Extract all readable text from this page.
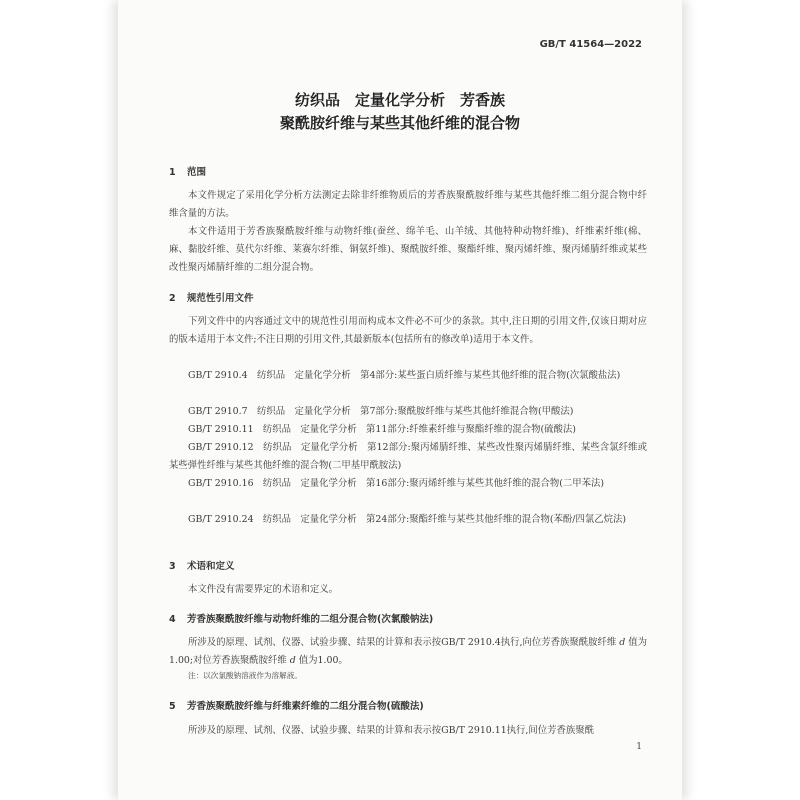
GB/T 41564—2022
纺织品　定量化学分析　芳香族
聚酰胺纤维与某些其他纤维的混合物
1 范围

本文件规定了采用化学分析方法测定去除非纤维物质后的芳香族聚酰胺纤维与某些其他纤维二组分混合物中纤维含量的方法。

本文件适用于芳香族聚酰胺纤维与动物纤维(蚕丝、绵羊毛、山羊绒、其他特种动物纤维)、纤维素纤维(棉、麻、黏胶纤维、莫代尔纤维、莱赛尔纤维、铜氨纤维)、聚酰胺纤维、聚酯纤维、聚丙烯纤维、聚丙烯腈纤维或某些改性聚丙烯腈纤维的二组分混合物。

2 规范性引用文件

下列文件中的内容通过文中的规范性引用而构成本文件必不可少的条款。其中,注日期的引用文件,仅该日期对应的版本适用于本文件;不注日期的引用文件,其最新版本(包括所有的修改单)适用于本文件。

GB/T 2910.4　纺织品　定量化学分析　第4部分:某些蛋白质纤维与某些其他纤维的混合物(次氯酸盐法)

GB/T 2910.7　纺织品　定量化学分析　第7部分:聚酰胺纤维与某些其他纤维混合物(甲酸法)

GB/T 2910.11　纺织品　定量化学分析　第11部分:纤维素纤维与聚酯纤维的混合物(硫酸法)

GB/T 2910.12　纺织品　定量化学分析　第12部分:聚丙烯腈纤维、某些改性聚丙烯腈纤维、某些含氯纤维或某些弹性纤维与某些其他纤维的混合物(二甲基甲酰胺法)

GB/T 2910.16　纺织品　定量化学分析　第16部分:聚丙烯纤维与某些其他纤维的混合物(二甲苯法)

GB/T 2910.24　纺织品　定量化学分析　第24部分:聚酯纤维与某些其他纤维的混合物(苯酚/四氯乙烷法)

3 术语和定义

本文件没有需要界定的术语和定义。

4 芳香族聚酰胺纤维与动物纤维的二组分混合物(次氯酸钠法)

所涉及的原理、试剂、仪器、试验步骤、结果的计算和表示按GB/T 2910.4执行,向位芳香族聚酰胺纤维 d 值为1.00;对位芳香族聚酰胺纤维 d 值为1.00。

注：以次氯酸钠溶液作为溶解液。
5 芳香族聚酰胺纤维与纤维素纤维的二组分混合物(硫酸法)

所涉及的原理、试剂、仪器、试验步骤、结果的计算和表示按GB/T 2910.11执行,间位芳香族聚酰

1
